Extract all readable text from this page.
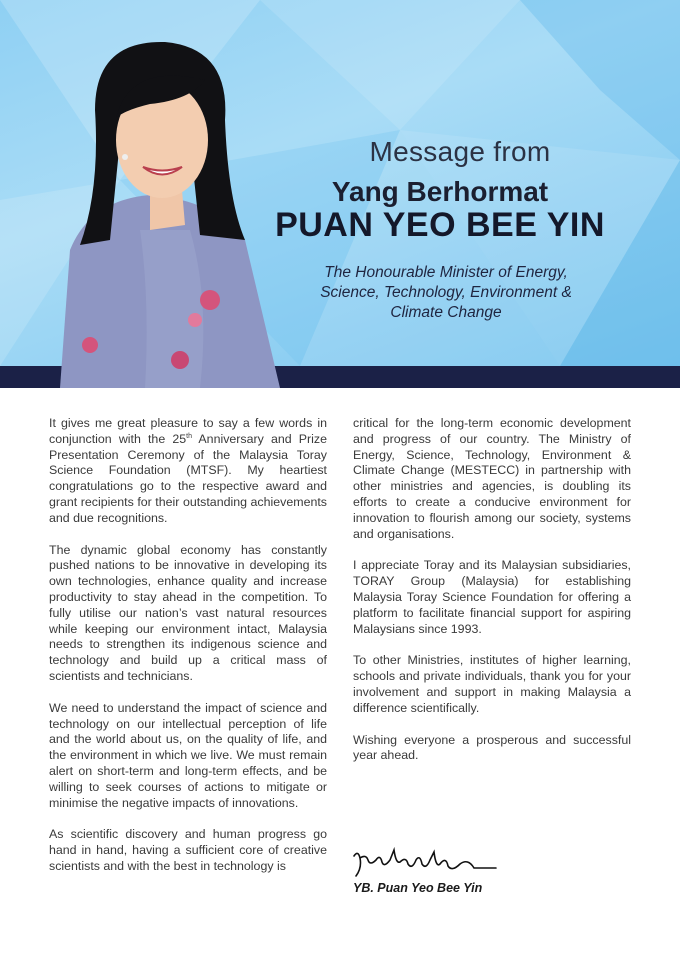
Message from
Yang Berhormat
PUAN YEO BEE YIN
The Honourable Minister of Energy,
Science, Technology, Environment &
Climate Change

It gives me great pleasure to say a few words in conjunction with the 25th Anniversary and Prize Presentation Ceremony of the Malaysia Toray Science Foundation (MTSF). My heartiest congratulations go to the respective award and grant recipients for their outstanding achievements and due recognitions.

The dynamic global economy has constantly pushed nations to be innovative in developing its own technologies, enhance quality and increase productivity to stay ahead in the competition. To fully utilise our nation’s vast natural resources while keeping our environment intact, Malaysia needs to strengthen its indigenous science and technology and build up a critical mass of scientists and technicians.

We need to understand the impact of science and technology on our intellectual perception of life and the world about us, on the quality of life, and the environment in which we live. We must remain alert on short-term and long-term effects, and be willing to seek courses of actions to mitigate or minimise the negative impacts of innovations.

As scientific discovery and human progress go hand in hand, having a sufficient core of creative scientists and with the best in technology is

critical for the long-term economic development and progress of our country. The Ministry of Energy, Science, Technology, Environment & Climate Change (MESTECC) in partnership with other ministries and agencies, is doubling its efforts to create a conducive environment for innovation to flourish among our society, systems and organisations.

I appreciate Toray and its Malaysian subsidiaries, TORAY Group (Malaysia) for establishing Malaysia Toray Science Foundation for offering a platform to facilitate financial support for aspiring Malaysians since 1993.

To other Ministries, institutes of higher learning, schools and private individuals, thank you for your involvement and support in making Malaysia a difference scientifically.

Wishing everyone a prosperous and successful year ahead.

YB. Puan Yeo Bee Yin
